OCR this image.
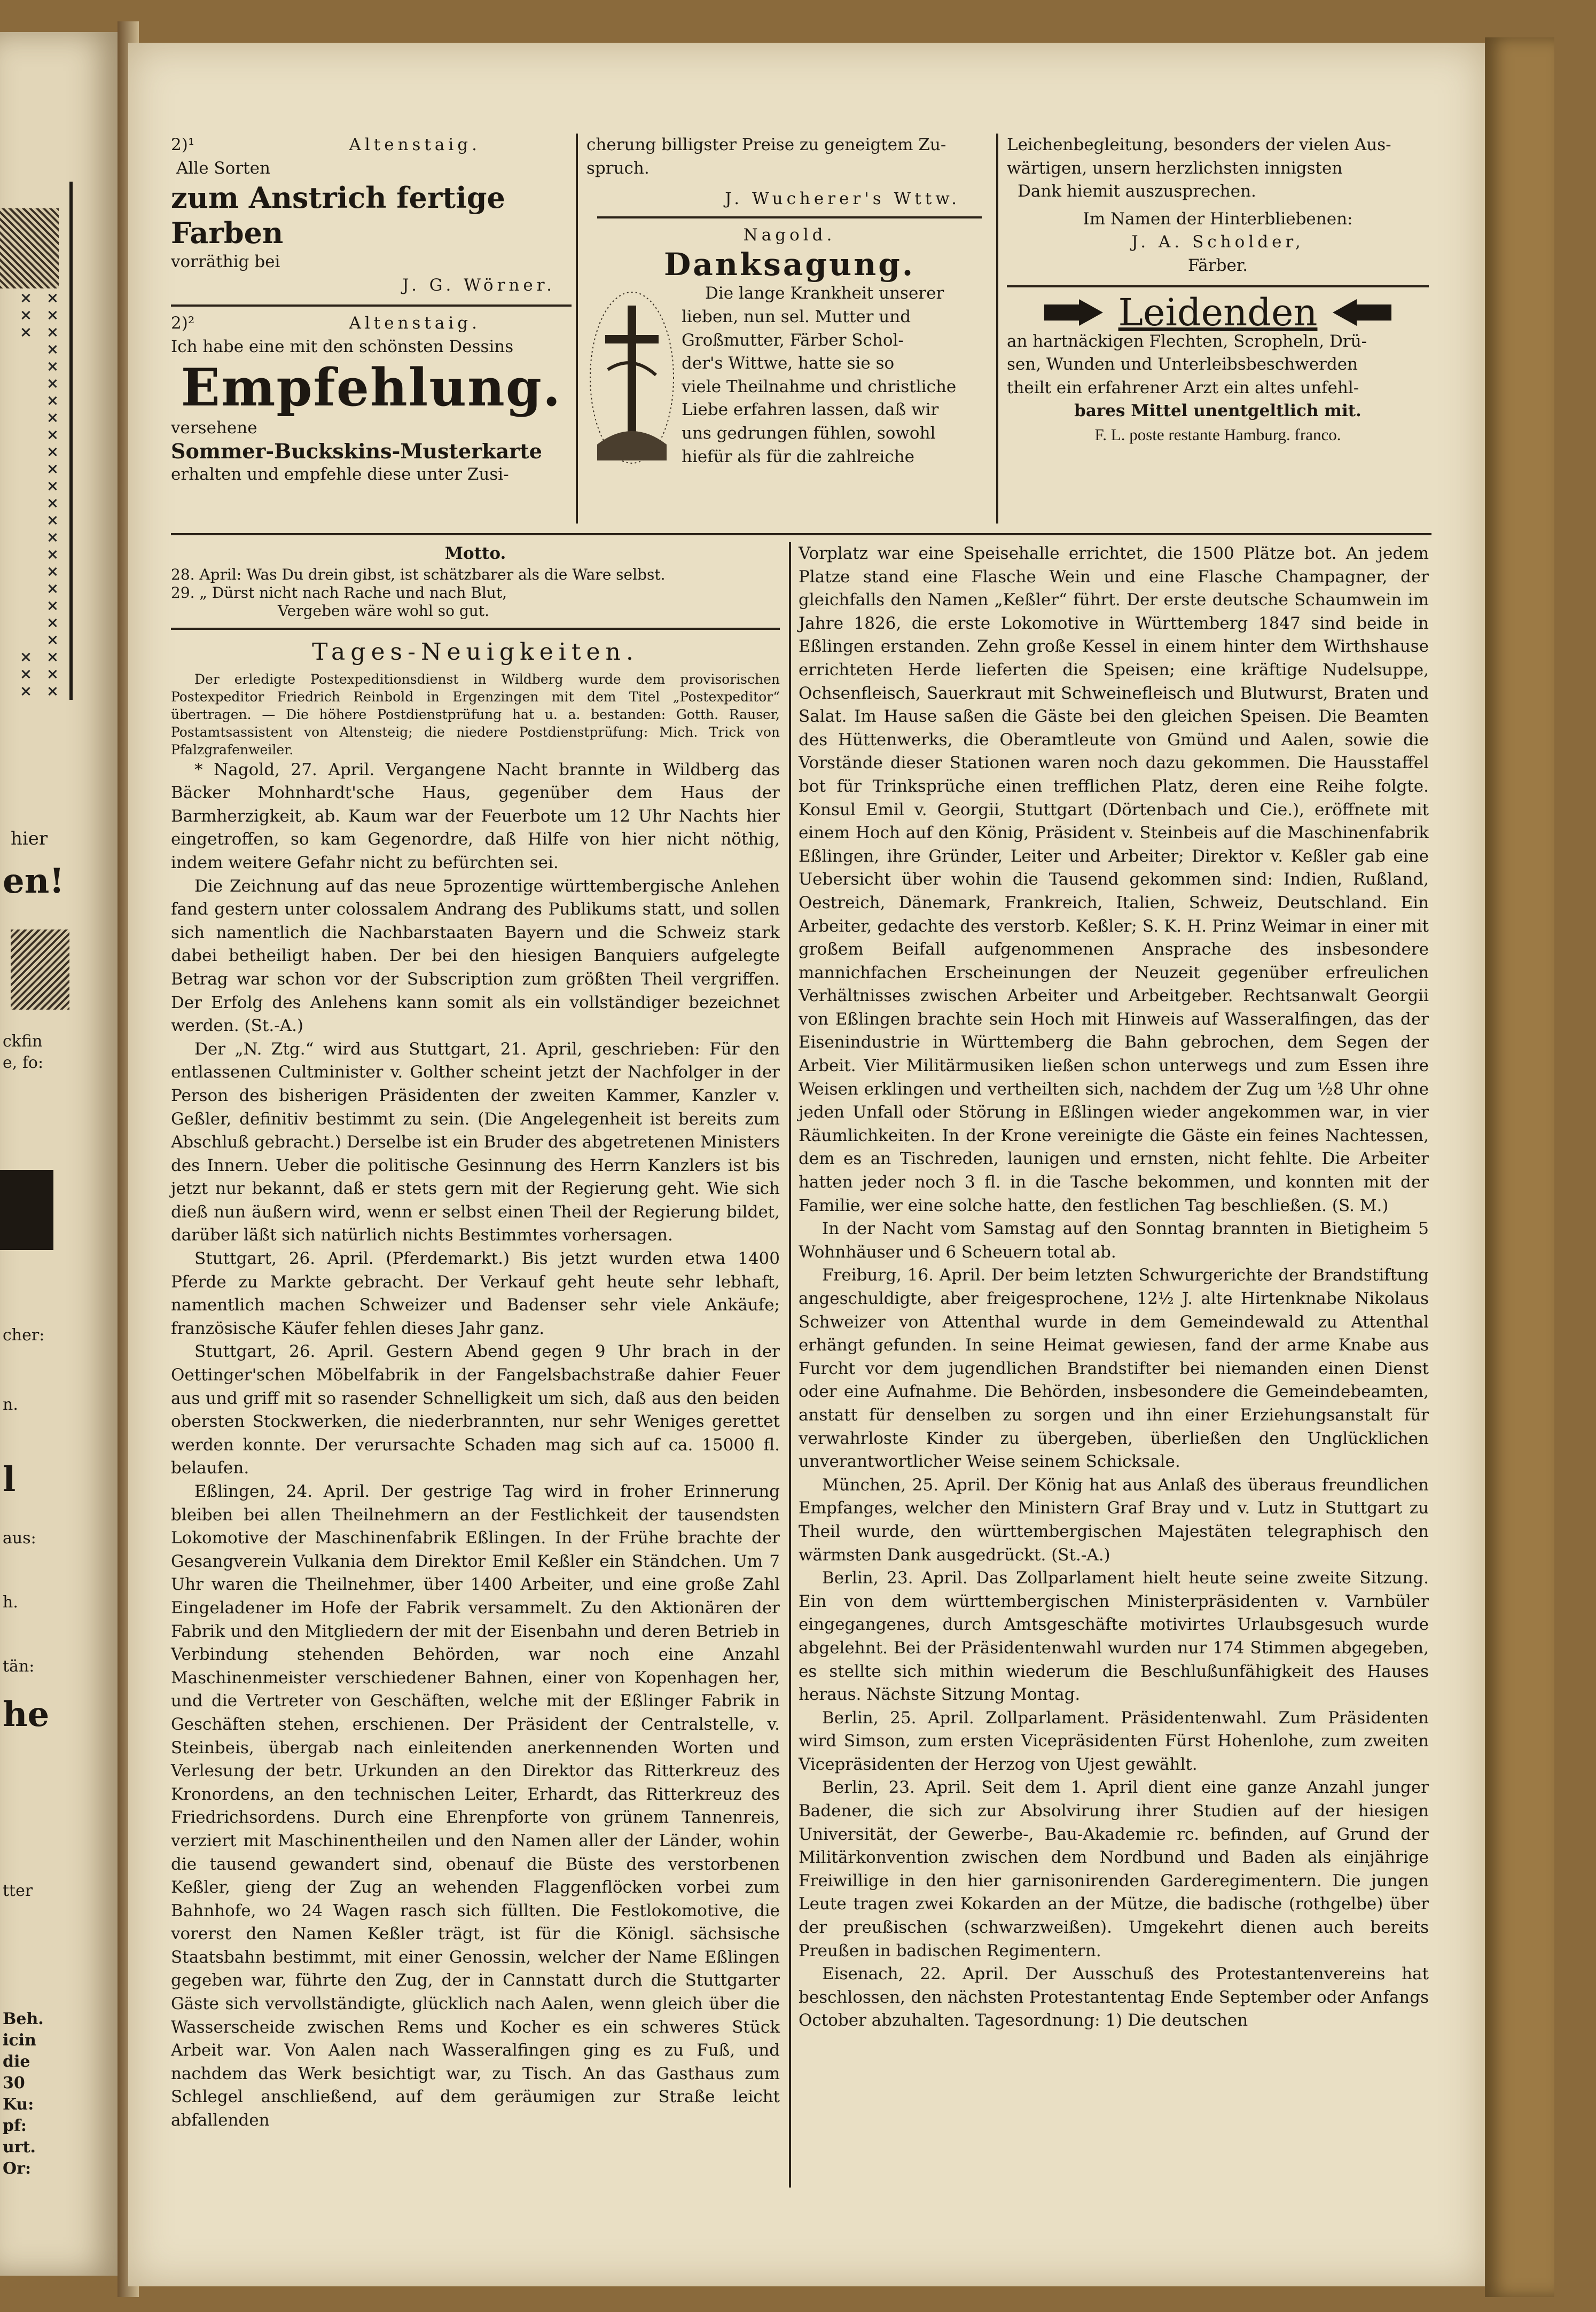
hier
en!
ckfin
e, fo:
cher:
n.
l
aus:
h.
tän:
he
tter
Beh.
icin
die
30
Ku:
pf:
urt.
Or:
2)¹	Altenstaig.
Alle Sorten
zum Anstrich fertige Farben
vorräthig bei
J. G. Wörner.
2)²	Altenstaig.
Ich habe eine mit den schönsten Dessins
Empfehlung.
versehene
Sommer-Buckskins-Musterkarte
erhalten und empfehle diese unter Zusi-
cherung billigster Preise zu geneigtem Zu-
spruch.
J. Wucherer's Wttw.
Nagold.
Danksagung.

Die lange Krankheit unserer

lieben, nun sel. Mutter und
Großmutter, Färber Schol-
der's Wittwe, hatte sie so
viele Theilnahme und christliche
Liebe erfahren lassen, daß wir
uns gedrungen fühlen, sowohl
hiefür als für die zahlreiche
Leichenbegleitung, besonders der vielen Aus-
wärtigen, unsern herzlichsten innigsten
Dank hiemit auszusprechen.
Im Namen der Hinterbliebenen:
J. A. Scholder,
Färber.
Leidenden
an hartnäckigen Flechten, Scropheln, Drü-
sen, Wunden und Unterleibsbeschwerden
theilt ein erfahrener Arzt ein altes unfehl-
bares Mittel unentgeltlich mit.
F. L. poste restante Hamburg. franco.
Motto.
28. April: Was Du drein gibst, ist schätzbarer als die Ware selbst.
29. „ Dürst nicht nach Rache und nach Blut,
Vergeben wäre wohl so gut.
Tages-Neuigkeiten.

Der erledigte Postexpeditionsdienst in Wildberg wurde dem provisorischen Postexpeditor Friedrich Reinbold in Ergenzingen mit dem Titel „Postexpeditor“ übertragen. — Die höhere Postdienstprüfung hat u. a. bestanden: Gotth. Rauser, Postamtsassistent von Altensteig; die niedere Postdienstprüfung: Mich. Trick von Pfalzgrafenweiler.

* Nagold, 27. April. Vergangene Nacht brannte in Wildberg das Bäcker Mohnhardt'sche Haus, gegenüber dem Haus der Barmherzigkeit, ab. Kaum war der Feuerbote um 12 Uhr Nachts hier eingetroffen, so kam Gegenordre, daß Hilfe von hier nicht nöthig, indem weitere Gefahr nicht zu befürchten sei.

Die Zeichnung auf das neue 5prozentige württembergische Anlehen fand gestern unter colossalem Andrang des Publikums statt, und sollen sich namentlich die Nachbarstaaten Bayern und die Schweiz stark dabei betheiligt haben. Der bei den hiesigen Banquiers aufgelegte Betrag war schon vor der Subscription zum größten Theil vergriffen. Der Erfolg des Anlehens kann somit als ein vollständiger bezeichnet werden. (St.-A.)

Der „N. Ztg.“ wird aus Stuttgart, 21. April, geschrieben: Für den entlassenen Cultminister v. Golther scheint jetzt der Nachfolger in der Person des bisherigen Präsidenten der zweiten Kammer, Kanzler v. Geßler, definitiv bestimmt zu sein. (Die Angelegenheit ist bereits zum Abschluß gebracht.) Derselbe ist ein Bruder des abgetretenen Ministers des Innern. Ueber die politische Gesinnung des Herrn Kanzlers ist bis jetzt nur bekannt, daß er stets gern mit der Regierung geht. Wie sich dieß nun äußern wird, wenn er selbst einen Theil der Regierung bildet, darüber läßt sich natürlich nichts Bestimmtes vorhersagen.

Stuttgart, 26. April. (Pferdemarkt.) Bis jetzt wurden etwa 1400 Pferde zu Markte gebracht. Der Verkauf geht heute sehr lebhaft, namentlich machen Schweizer und Badenser sehr viele Ankäufe; französische Käufer fehlen dieses Jahr ganz.

Stuttgart, 26. April. Gestern Abend gegen 9 Uhr brach in der Oettinger'schen Möbelfabrik in der Fangelsbachstraße dahier Feuer aus und griff mit so rasender Schnelligkeit um sich, daß aus den beiden obersten Stockwerken, die niederbrannten, nur sehr Weniges gerettet werden konnte. Der verursachte Schaden mag sich auf ca. 15000 fl. belaufen.

Eßlingen, 24. April. Der gestrige Tag wird in froher Erinnerung bleiben bei allen Theilnehmern an der Festlichkeit der tausendsten Lokomotive der Maschinenfabrik Eßlingen. In der Frühe brachte der Gesangverein Vulkania dem Direktor Emil Keßler ein Ständchen. Um 7 Uhr waren die Theilnehmer, über 1400 Arbeiter, und eine große Zahl Eingeladener im Hofe der Fabrik versammelt. Zu den Aktionären der Fabrik und den Mitgliedern der mit der Eisenbahn und deren Betrieb in Verbindung stehenden Behörden, war noch eine Anzahl Maschinenmeister verschiedener Bahnen, einer von Kopenhagen her, und die Vertreter von Geschäften, welche mit der Eßlinger Fabrik in Geschäften stehen, erschienen. Der Präsident der Centralstelle, v. Steinbeis, übergab nach einleitenden anerkennenden Worten und Verlesung der betr. Urkunden an den Direktor das Ritterkreuz des Kronordens, an den technischen Leiter, Erhardt, das Ritterkreuz des Friedrichsordens. Durch eine Ehrenpforte von grünem Tannenreis, verziert mit Maschinentheilen und den Namen aller der Länder, wohin die tausend gewandert sind, obenauf die Büste des verstorbenen Keßler, gieng der Zug an wehenden Flaggenflöcken vorbei zum Bahnhofe, wo 24 Wagen rasch sich füllten. Die Festlokomotive, die vorerst den Namen Keßler trägt, ist für die Königl. sächsische Staatsbahn bestimmt, mit einer Genossin, welcher der Name Eßlingen gegeben war, führte den Zug, der in Cannstatt durch die Stuttgarter Gäste sich vervollständigte, glücklich nach Aalen, wenn gleich über die Wasserscheide zwischen Rems und Kocher es ein schweres Stück Arbeit war. Von Aalen nach Wasseralfingen ging es zu Fuß, und nachdem das Werk besichtigt war, zu Tisch. An das Gasthaus zum Schlegel anschließend, auf dem geräumigen zur Straße leicht abfallenden

Vorplatz war eine Speisehalle errichtet, die 1500 Plätze bot. An jedem Platze stand eine Flasche Wein und eine Flasche Champagner, der gleichfalls den Namen „Keßler“ führt. Der erste deutsche Schaumwein im Jahre 1826, die erste Lokomotive in Württemberg 1847 sind beide in Eßlingen erstanden. Zehn große Kessel in einem hinter dem Wirthshause errichteten Herde lieferten die Speisen; eine kräftige Nudelsuppe, Ochsenfleisch, Sauerkraut mit Schweinefleisch und Blutwurst, Braten und Salat. Im Hause saßen die Gäste bei den gleichen Speisen. Die Beamten des Hüttenwerks, die Oberamtleute von Gmünd und Aalen, sowie die Vorstände dieser Stationen waren noch dazu gekommen. Die Hausstaffel bot für Trinksprüche einen trefflichen Platz, deren eine Reihe folgte. Konsul Emil v. Georgii, Stuttgart (Dörtenbach und Cie.), eröffnete mit einem Hoch auf den König, Präsident v. Steinbeis auf die Maschinenfabrik Eßlingen, ihre Gründer, Leiter und Arbeiter; Direktor v. Keßler gab eine Uebersicht über wohin die Tausend gekommen sind: Indien, Rußland, Oestreich, Dänemark, Frankreich, Italien, Schweiz, Deutschland. Ein Arbeiter, gedachte des verstorb. Keßler; S. K. H. Prinz Weimar in einer mit großem Beifall aufgenommenen Ansprache des insbesondere mannichfachen Erscheinungen der Neuzeit gegenüber erfreulichen Verhältnisses zwischen Arbeiter und Arbeitgeber. Rechtsanwalt Georgii von Eßlingen brachte sein Hoch mit Hinweis auf Wasseralfingen, das der Eisenindustrie in Württemberg die Bahn gebrochen, dem Segen der Arbeit. Vier Militärmusiken ließen schon unterwegs und zum Essen ihre Weisen erklingen und vertheilten sich, nachdem der Zug um ½8 Uhr ohne jeden Unfall oder Störung in Eßlingen wieder angekommen war, in vier Räumlichkeiten. In der Krone vereinigte die Gäste ein feines Nachtessen, dem es an Tischreden, launigen und ernsten, nicht fehlte. Die Arbeiter hatten jeder noch 3 fl. in die Tasche bekommen, und konnten mit der Familie, wer eine solche hatte, den festlichen Tag beschließen. (S. M.)

In der Nacht vom Samstag auf den Sonntag brannten in Bietigheim 5 Wohnhäuser und 6 Scheuern total ab.

Freiburg, 16. April. Der beim letzten Schwurgerichte der Brandstiftung angeschuldigte, aber freigesprochene, 12½ J. alte Hirtenknabe Nikolaus Schweizer von Attenthal wurde in dem Gemeindewald zu Attenthal erhängt gefunden. In seine Heimat gewiesen, fand der arme Knabe aus Furcht vor dem jugendlichen Brandstifter bei niemanden einen Dienst oder eine Aufnahme. Die Behörden, insbesondere die Gemeindebeamten, anstatt für denselben zu sorgen und ihn einer Erziehungsanstalt für verwahrloste Kinder zu übergeben, überließen den Unglücklichen unverantwortlicher Weise seinem Schicksale.

München, 25. April. Der König hat aus Anlaß des überaus freundlichen Empfanges, welcher den Ministern Graf Bray und v. Lutz in Stuttgart zu Theil wurde, den württembergischen Majestäten telegraphisch den wärmsten Dank ausgedrückt. (St.-A.)

Berlin, 23. April. Das Zollparlament hielt heute seine zweite Sitzung. Ein von dem württembergischen Ministerpräsidenten v. Varnbüler eingegangenes, durch Amtsgeschäfte motivirtes Urlaubsgesuch wurde abgelehnt. Bei der Präsidentenwahl wurden nur 174 Stimmen abgegeben, es stellte sich mithin wiederum die Beschlußunfähigkeit des Hauses heraus. Nächste Sitzung Montag.

Berlin, 25. April. Zollparlament. Präsidentenwahl. Zum Präsidenten wird Simson, zum ersten Vicepräsidenten Fürst Hohenlohe, zum zweiten Vicepräsidenten der Herzog von Ujest gewählt.

Berlin, 23. April. Seit dem 1. April dient eine ganze Anzahl junger Badener, die sich zur Absolvirung ihrer Studien auf der hiesigen Universität, der Gewerbe-, Bau-Akademie rc. befinden, auf Grund der Militärkonvention zwischen dem Nordbund und Baden als einjährige Freiwillige in den hier garnisonirenden Garderegimentern. Die jungen Leute tragen zwei Kokarden an der Mütze, die badische (rothgelbe) über der preußischen (schwarzweißen). Umgekehrt dienen auch bereits Preußen in badischen Regimentern.

Eisenach, 22. April. Der Ausschuß des Protestantenvereins hat beschlossen, den nächsten Protestantentag Ende September oder Anfangs October abzuhalten. Tagesordnung: 1) Die deutschen
